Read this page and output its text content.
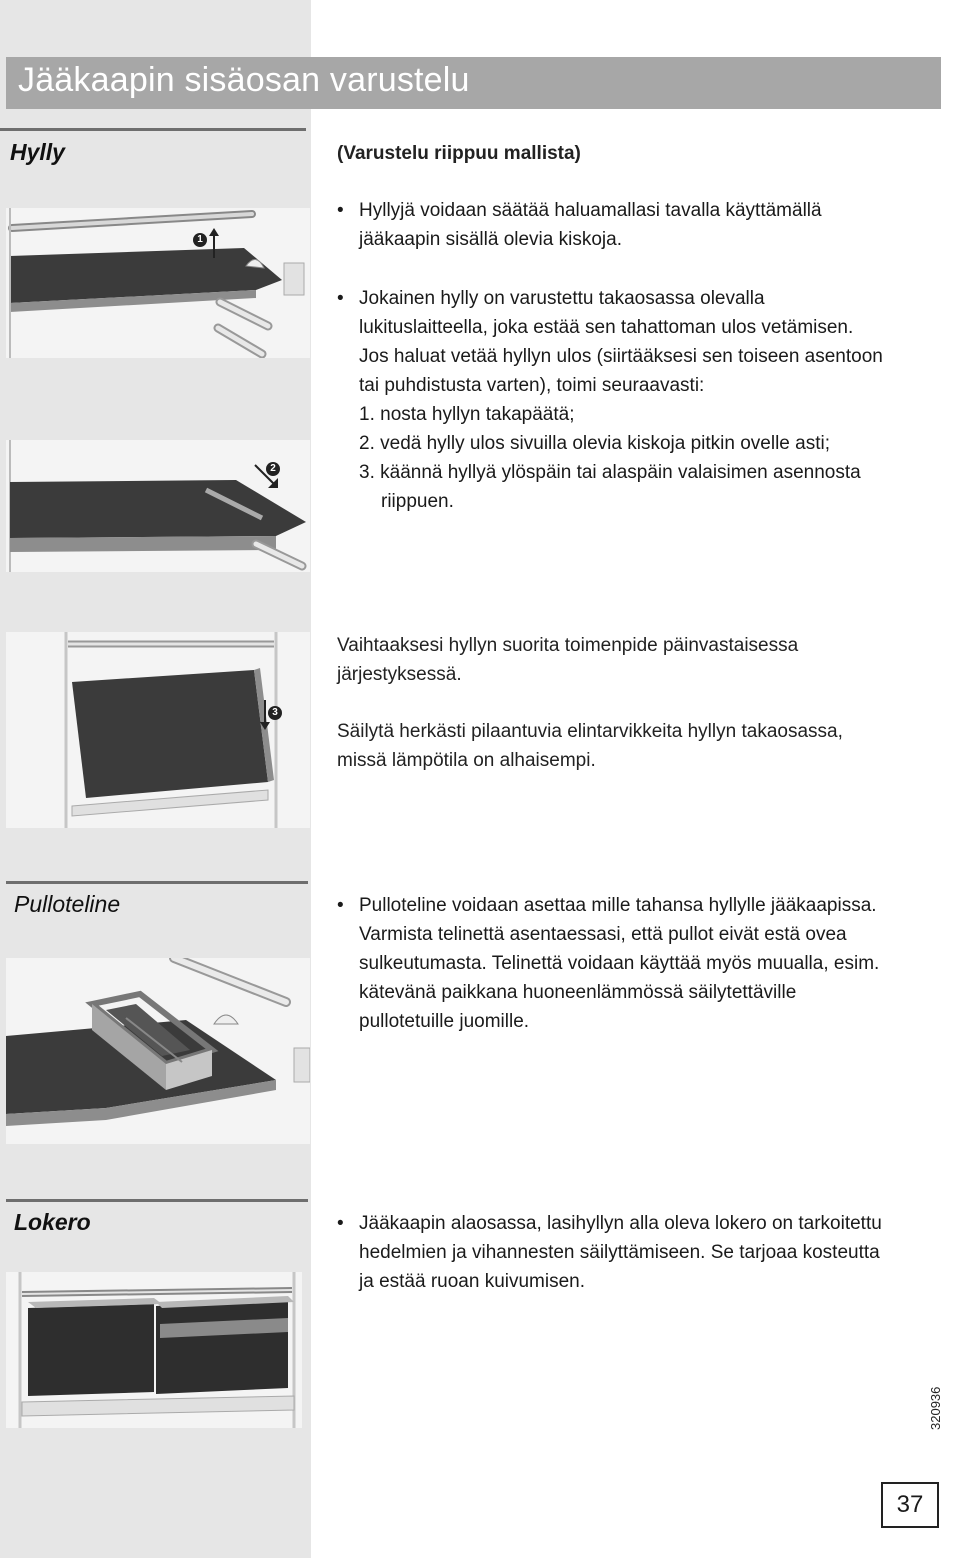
Jääkaapin sisäosan varustelu
Hylly	(Varustelu riippuu mallista)
• Hyllyjä voidaan säätää haluamallasi tavalla käyttämällä
jääkaapin sisällä olevia kiskoja.
• Jokainen hylly on varustettu takaosassa olevalla
lukituslaitteella, joka estää sen tahattoman ulos vetämisen.
Jos haluat vetää hyllyn ulos (siirtääksesi sen toiseen asentoon
tai puhdistusta varten), toimi seuraavasti:
1. nosta hyllyn takapäätä;
2. vedä hylly ulos sivuilla olevia kiskoja pitkin ovelle asti;
3. käännä hyllyä ylöspäin tai alaspäin valaisimen asennosta
riippuen.
Vaihtaaksesi hyllyn suorita toimenpide päinvastaisessa
järjestyksessä.
Säilytä herkästi pilaantuvia elintarvikkeita hyllyn takaosassa,
missä lämpötila on alhaisempi.
1
2
3
Pulloteline	• Pulloteline voidaan asettaa mille tahansa hyllylle jääkaapissa.
Varmista telinettä asentaessasi, että pullot eivät estä ovea
sulkeutumasta. Telinettä voidaan käyttää myös muualla, esim.
kätevänä paikkana huoneenlämmössä säilytettäville
pullotetuille juomille.
Lokero	• Jääkaapin alaosassa, lasihyllyn alla oleva lokero on tarkoitettu
hedelmien ja vihannesten säilyttämiseen. Se tarjoaa kosteutta
ja estää ruoan kuivumisen.
320936
37
